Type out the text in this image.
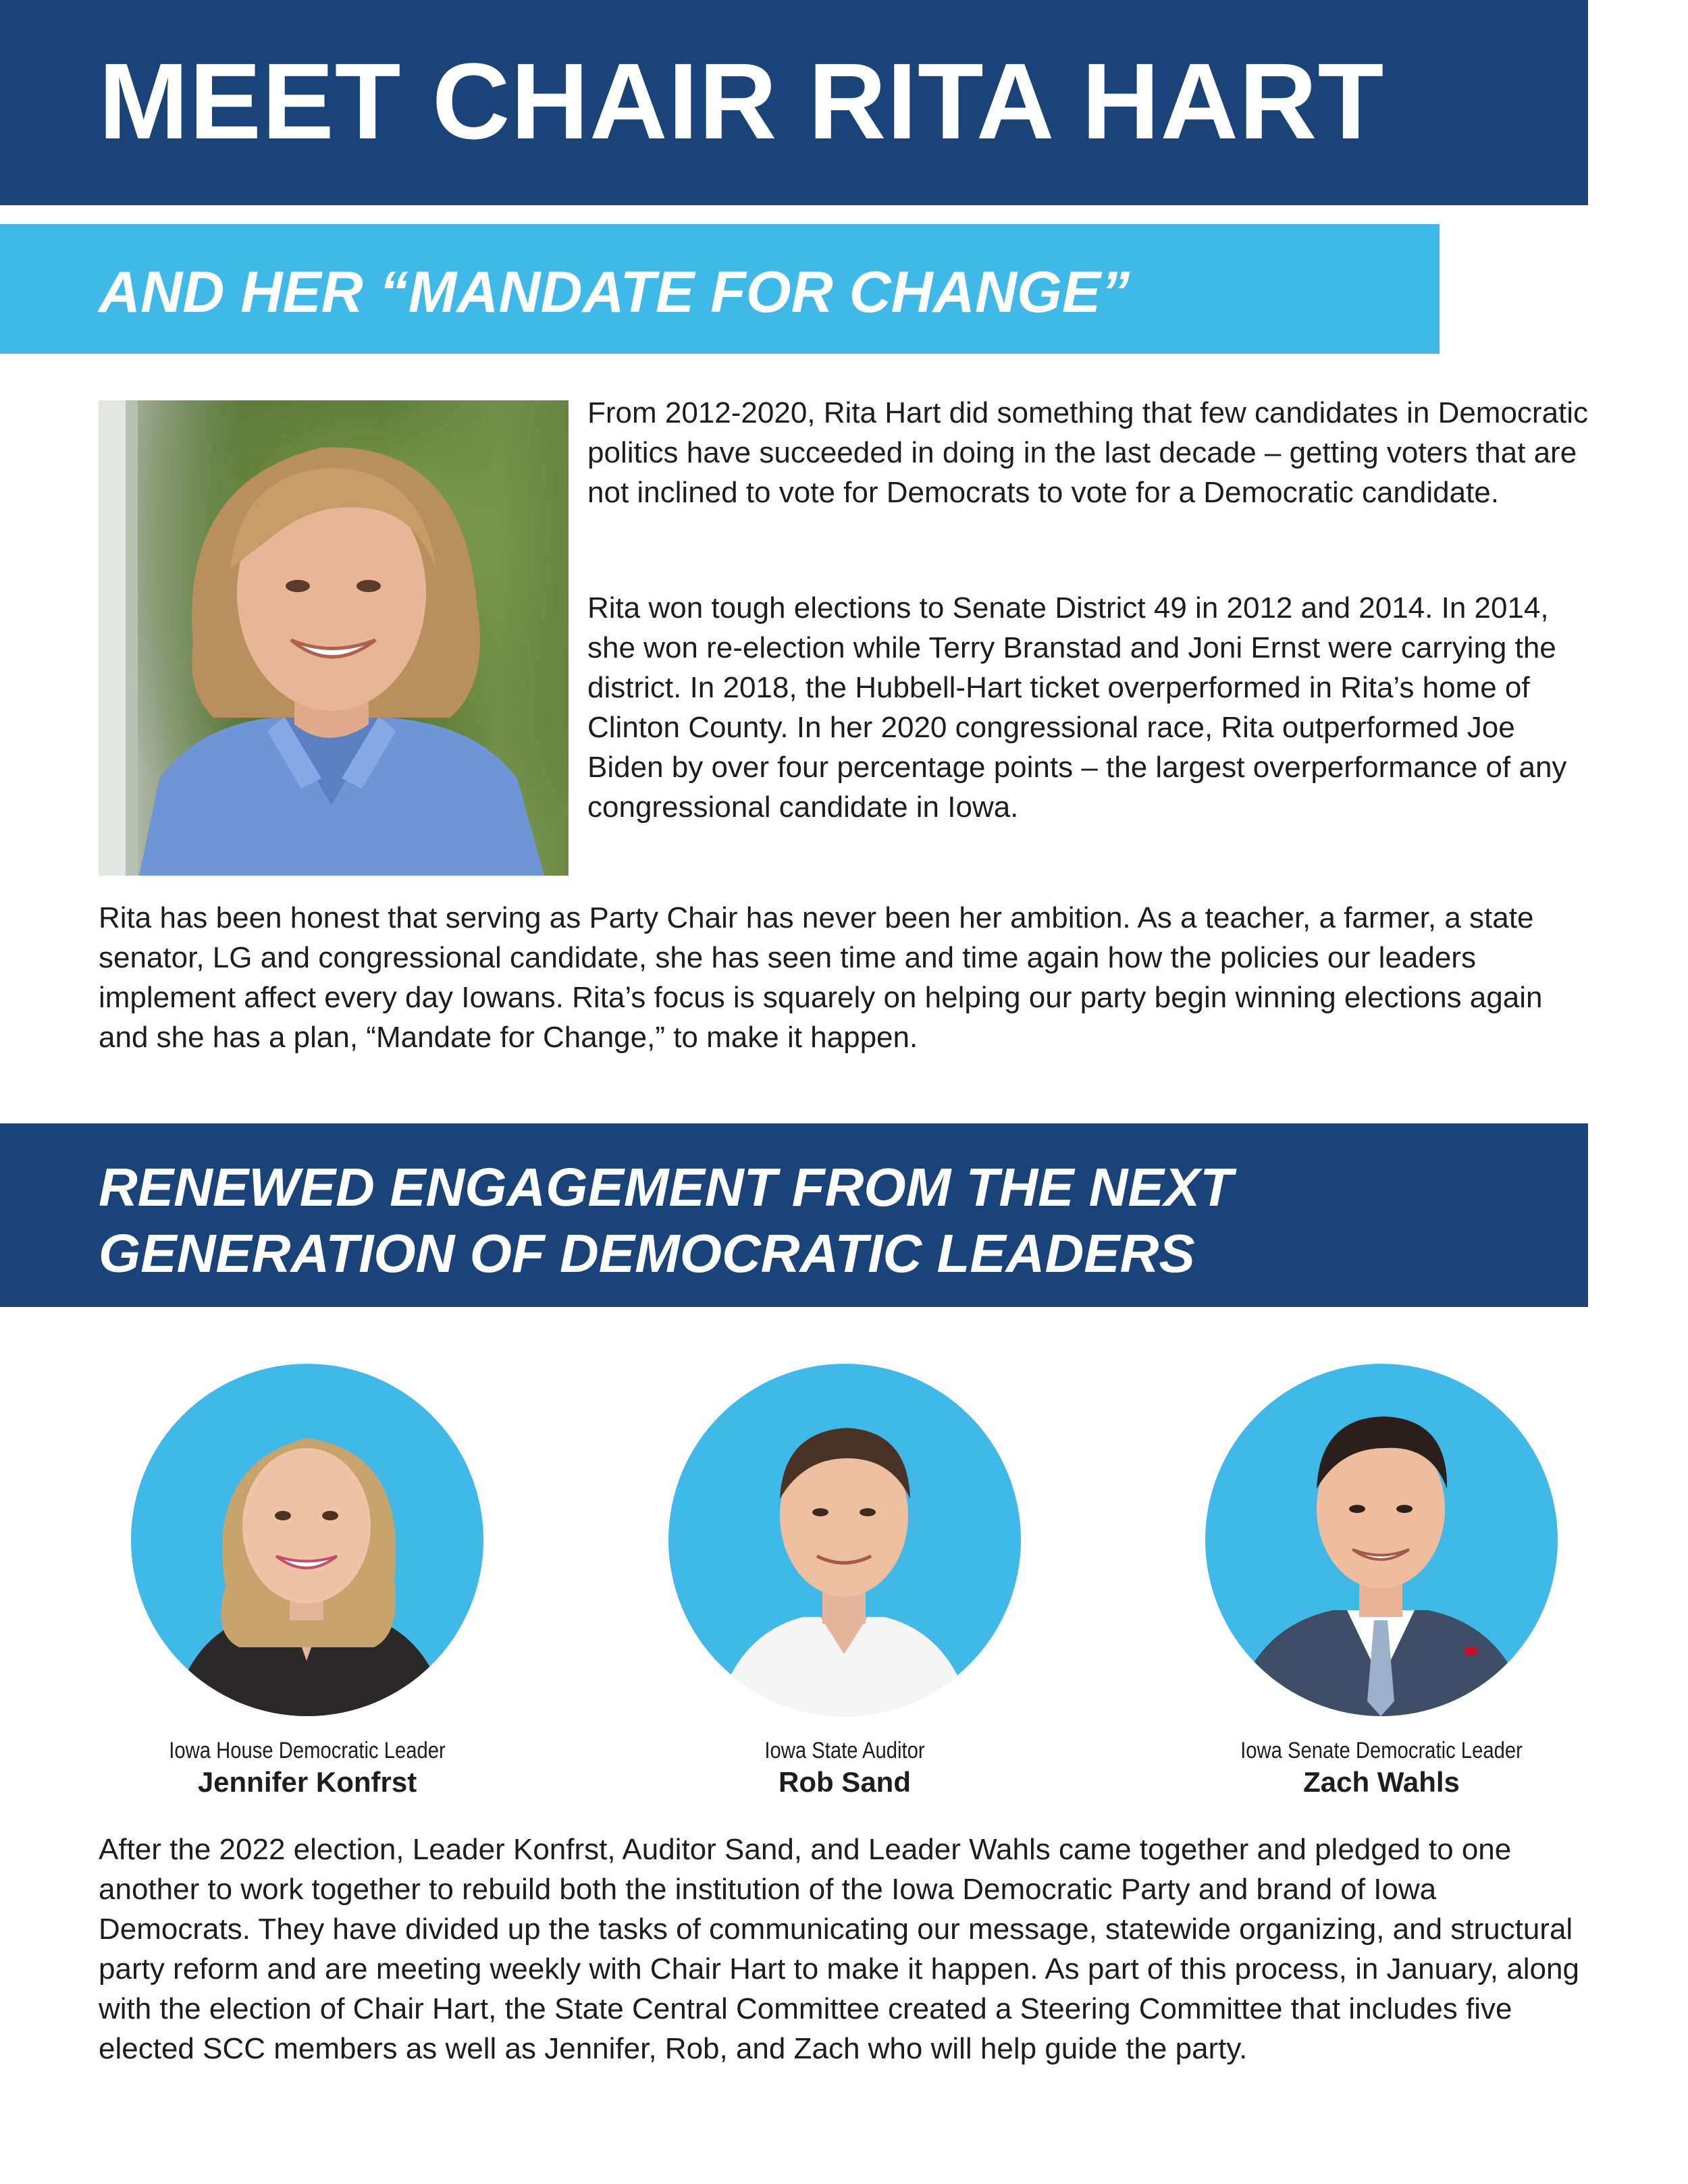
MEET CHAIR RITA HART
AND HER “MANDATE FOR CHANGE”

From 2012-2020, Rita Hart did something that few candidates in Democratic politics have succeeded in doing in the last decade – getting voters that are not inclined to vote for Democrats to vote for a Democratic candidate.

Rita won tough elections to Senate District 49 in 2012 and 2014. In 2014, she won re-election while Terry Branstad and Joni Ernst were carrying the district. In 2018, the Hubbell-Hart ticket overperformed in Rita’s home of Clinton County. In her 2020 congressional race, Rita outperformed Joe Biden by over four percentage points – the largest overperformance of any congressional candidate in Iowa.

Rita has been honest that serving as Party Chair has never been her ambition. As a teacher, a farmer, a state senator, LG and congressional candidate, she has seen time and time again how the policies our leaders implement affect every day Iowans. Rita’s focus is squarely on helping our party begin winning elections again and she has a plan, “Mandate for Change,” to make it happen.

RENEWED ENGAGEMENT FROM THE NEXT GENERATION OF DEMOCRATIC LEADERS
Iowa House Democratic Leader
Jennifer Konfrst
Iowa State Auditor
Rob Sand
Iowa Senate Democratic Leader
Zach Wahls

After the 2022 election, Leader Konfrst, Auditor Sand, and Leader Wahls came together and pledged to one another to work together to rebuild both the institution of the Iowa Democratic Party and brand of Iowa Democrats. They have divided up the tasks of communicating our message, statewide organizing, and structural party reform and are meeting weekly with Chair Hart to make it happen. As part of this process, in January, along with the election of Chair Hart, the State Central Committee created a Steering Committee that includes five elected SCC members as well as Jennifer, Rob, and Zach who will help guide the party.
